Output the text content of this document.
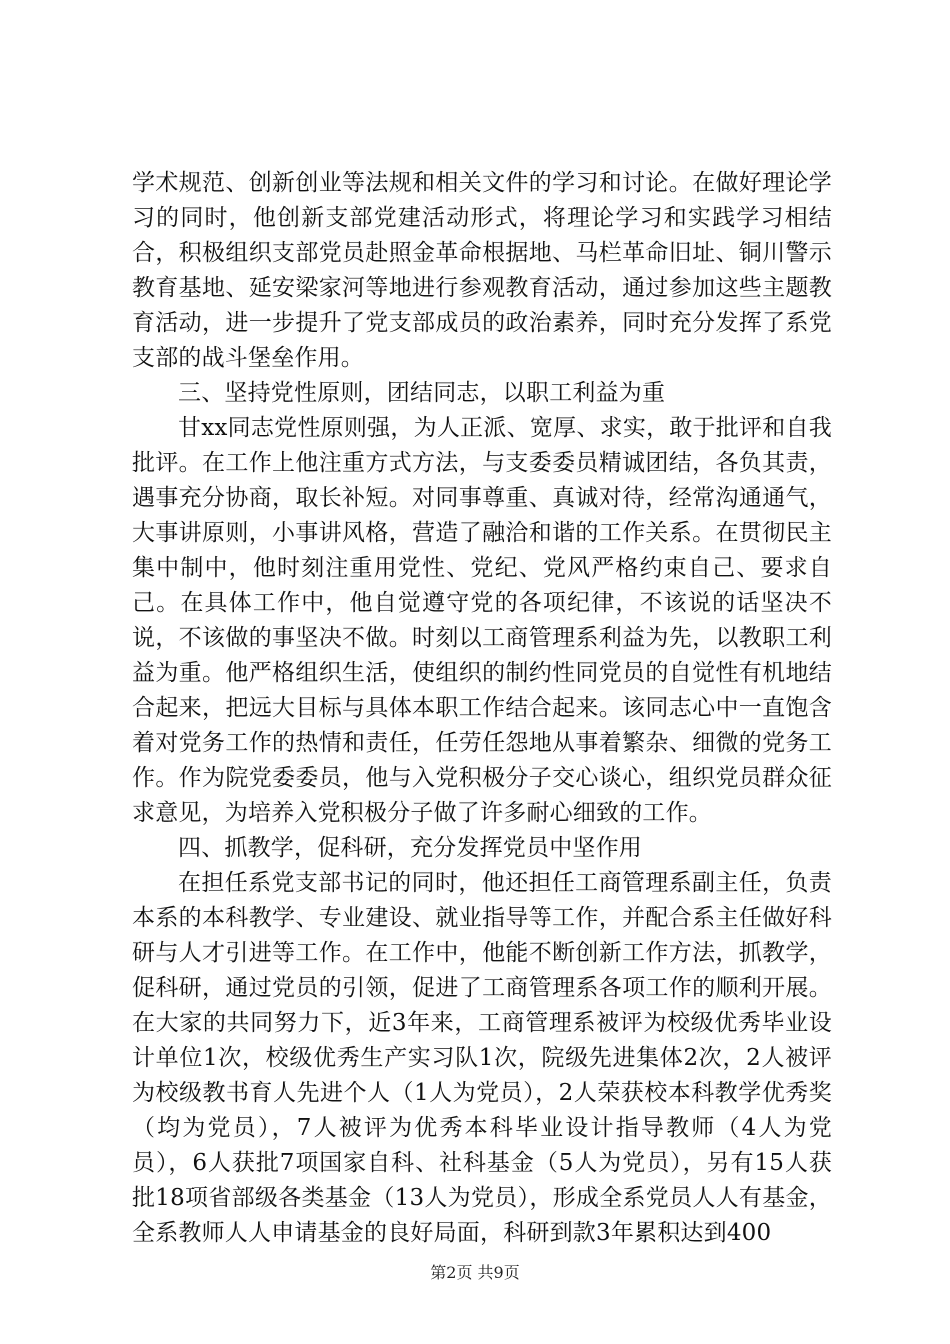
学术规范、创新创业等法规和相关文件的学习和讨论。在做好理论学习的同时，他创新支部党建活动形式，将理论学习和实践学习相结合，积极组织支部党员赴照金革命根据地、马栏革命旧址、铜川警示教育基地、延安梁家河等地进行参观教育活动，通过参加这些主题教育活动，进一步提升了党支部成员的政治素养，同时充分发挥了系党支部的战斗堡垒作用。

三、坚持党性原则，团结同志，以职工利益为重

甘xx同志党性原则强，为人正派、宽厚、求实，敢于批评和自我批评。在工作上他注重方式方法，与支委委员精诚团结，各负其责，遇事充分协商，取长补短。对同事尊重、真诚对待，经常沟通通气，大事讲原则，小事讲风格，营造了融洽和谐的工作关系。在贯彻民主集中制中，他时刻注重用党性、党纪、党风严格约束自己、要求自己。在具体工作中，他自觉遵守党的各项纪律，不该说的话坚决不说，不该做的事坚决不做。时刻以工商管理系利益为先，以教职工利益为重。他严格组织生活，使组织的制约性同党员的自觉性有机地结合起来，把远大目标与具体本职工作结合起来。该同志心中一直饱含着对党务工作的热情和责任，任劳任怨地从事着繁杂、细微的党务工作。作为院党委委员，他与入党积极分子交心谈心，组织党员群众征求意见，为培养入党积极分子做了许多耐心细致的工作。

四、抓教学，促科研，充分发挥党员中坚作用

在担任系党支部书记的同时，他还担任工商管理系副主任，负责本系的本科教学、专业建设、就业指导等工作，并配合系主任做好科研与人才引进等工作。在工作中，他能不断创新工作方法，抓教学，促科研，通过党员的引领，促进了工商管理系各项工作的顺利开展。在大家的共同努力下，近3年来，工商管理系被评为校级优秀毕业设计单位1次，校级优秀生产实习队1次，院级先进集体2次，2人被评为校级教书育人先进个人（1人为党员），2人荣获校本科教学优秀奖（均为党员），7人被评为优秀本科毕业设计指导教师（4人为党员），6人获批7项国家自科、社科基金（5人为党员），另有15人获批18项省部级各类基金（13人为党员），形成全系党员人人有基金，全系教师人人申请基金的良好局面，科研到款3年累积达到400

第2页 共9页
